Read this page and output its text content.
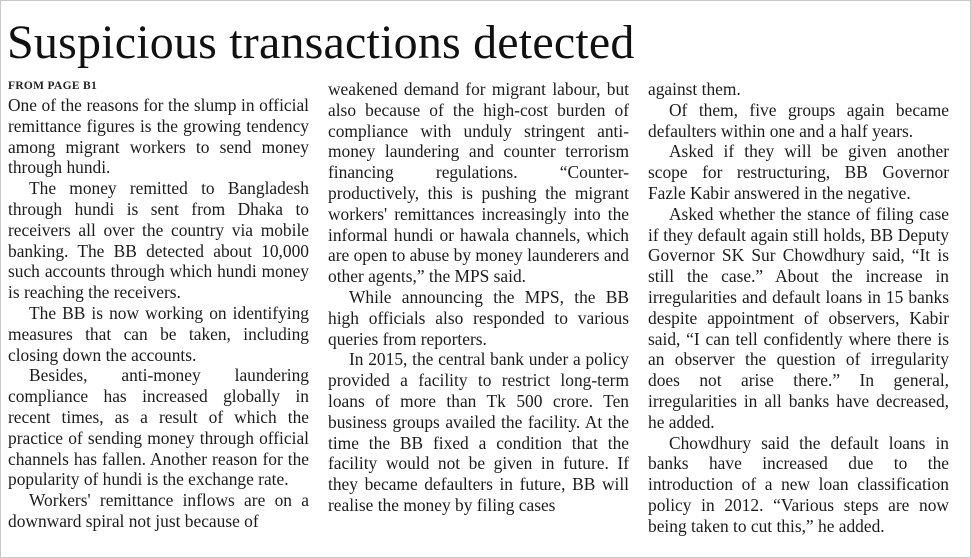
Suspicious transactions detected
FROM PAGE B1

One of the reasons for the slump in official remittance figures is the growing tendency among migrant workers to send money through hundi.

The money remitted to Bangladesh through hundi is sent from Dhaka to receivers all over the country via mobile banking. The BB detected about 10,000 such accounts through which hundi money is reaching the receivers.

The BB is now working on identifying measures that can be taken, including closing down the accounts.

Besides, anti-money laundering compliance has increased globally in recent times, as a result of which the practice of sending money through official channels has fallen. Another reason for the popularity of hundi is the exchange rate.

Workers' remittance inflows are on a downward spiral not just because of

weakened demand for migrant labour, but also because of the high-cost burden of compliance with unduly stringent anti-money laundering and counter terrorism financing regulations. “Counter-productively, this is pushing the migrant workers' remittances increasingly into the informal hundi or hawala channels, which are open to abuse by money launderers and other agents,” the MPS said.

While announcing the MPS, the BB high officials also responded to various queries from reporters.

In 2015, the central bank under a policy provided a facility to restrict long-term loans of more than Tk 500 crore. Ten business groups availed the facility. At the time the BB fixed a condition that the facility would not be given in future. If they became defaulters in future, BB will realise the money by filing cases

against them.

Of them, five groups again became defaulters within one and a half years.

Asked if they will be given another scope for restructuring, BB Governor Fazle Kabir answered in the negative.

Asked whether the stance of filing case if they default again still holds, BB Deputy Governor SK Sur Chowdhury said, “It is still the case.” About the increase in irregularities and default loans in 15 banks despite appointment of observers, Kabir said, “I can tell confidently where there is an observer the question of irregularity does not arise there.” In general, irregularities in all banks have decreased, he added.

Chowdhury said the default loans in banks have increased due to the introduction of a new loan classification policy in 2012. “Various steps are now being taken to cut this,” he added.
